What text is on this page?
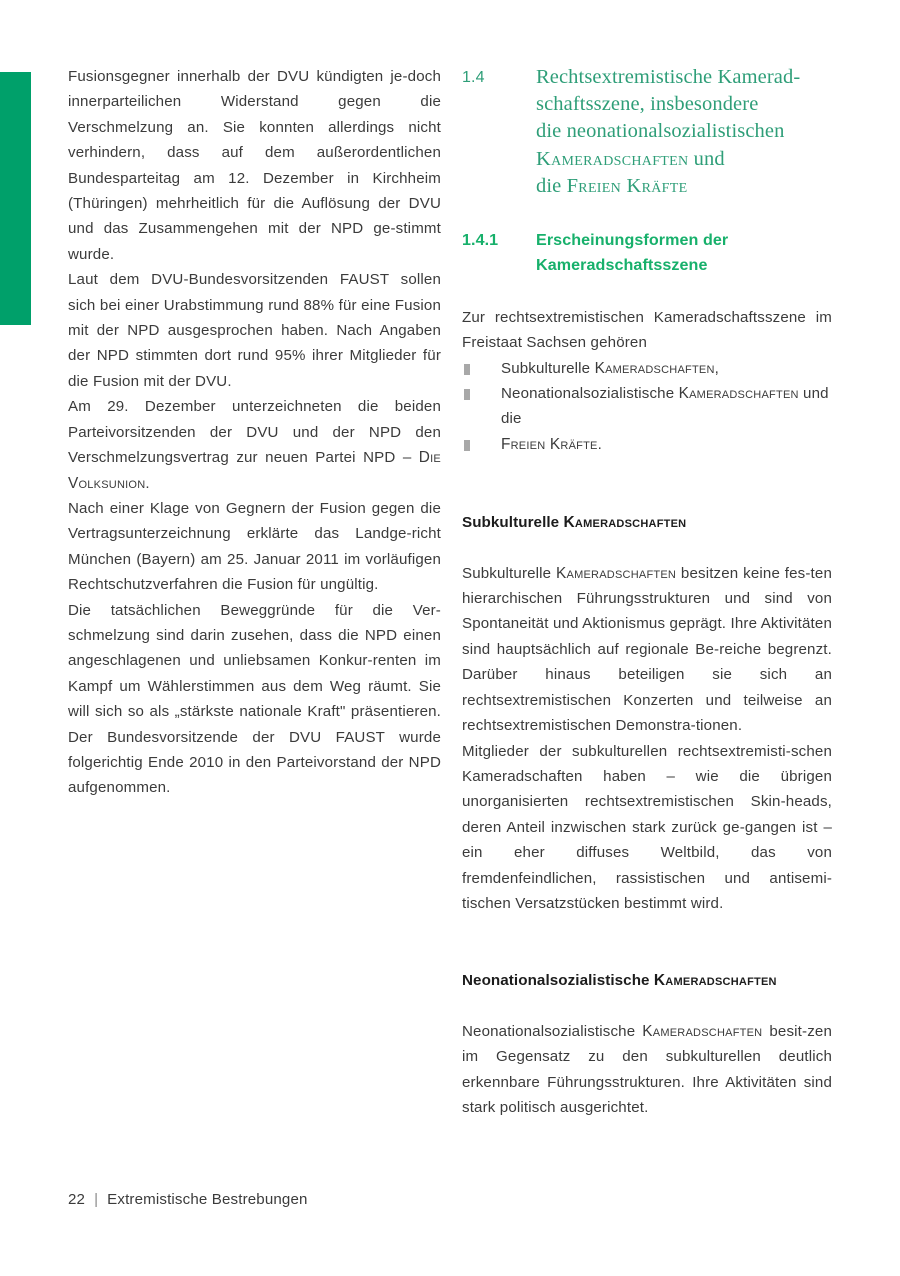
Fusionsgegner innerhalb der DVU kündigten je-doch innerparteilichen Widerstand gegen die Verschmelzung an. Sie konnten allerdings nicht verhindern, dass auf dem außerordentlichen Bundesparteitag am 12. Dezember in Kirchheim (Thüringen) mehrheitlich für die Auflösung der DVU und das Zusammengehen mit der NPD ge-stimmt wurde.

Laut dem DVU-Bundesvorsitzenden FAUST sollen sich bei einer Urabstimmung rund 88% für eine Fusion mit der NPD ausgesprochen haben. Nach Angaben der NPD stimmten dort rund 95% ihrer Mitglieder für die Fusion mit der DVU.

Am 29. Dezember unterzeichneten die beiden Parteivorsitzenden der DVU und der NPD den Verschmelzungsvertrag zur neuen Partei NPD – Die Volksunion.

Nach einer Klage von Gegnern der Fusion gegen die Vertragsunterzeichnung erklärte das Landge-richt München (Bayern) am 25. Januar 2011 im vorläufigen Rechtschutzverfahren die Fusion für ungültig.

Die tatsächlichen Beweggründe für die Ver-schmelzung sind darin zusehen, dass die NPD einen angeschlagenen und unliebsamen Konkur-renten im Kampf um Wählerstimmen aus dem Weg räumt. Sie will sich so als „stärkste nationale Kraft" präsentieren. Der Bundesvorsitzende der DVU FAUST wurde folgerichtig Ende 2010 in den Parteivorstand der NPD aufgenommen.

1.4	Rechtsextremistische Kamerad-
schaftsszene, insbesondere
die neonationalsozialistischen
Kameradschaften und
die Freien Kräfte
1.4.1	Erscheinungsformen der
Kameradschaftsszene

Zur rechtsextremistischen Kameradschaftsszene im Freistaat Sachsen gehören

Subkulturelle Kameradschaften,
Neonationalsozialistische Kameradschaften und die
Freien Kräfte.
Subkulturelle Kameradschaften

Subkulturelle Kameradschaften besitzen keine fes-ten hierarchischen Führungsstrukturen und sind von Spontaneität und Aktionismus geprägt. Ihre Aktivitäten sind hauptsächlich auf regionale Be-reiche begrenzt. Darüber hinaus beteiligen sie sich an rechtsextremistischen Konzerten und teilweise an rechtsextremistischen Demonstra-tionen.

Mitglieder der subkulturellen rechtsextremisti-schen Kameradschaften haben – wie die übrigen unorganisierten rechtsextremistischen Skin-heads, deren Anteil inzwischen stark zurück ge-gangen ist – ein eher diffuses Weltbild, das von fremdenfeindlichen, rassistischen und antisemi-tischen Versatzstücken bestimmt wird.

Neonationalsozialistische Kameradschaften

Neonationalsozialistische Kameradschaften besit-zen im Gegensatz zu den subkulturellen deutlich erkennbare Führungsstrukturen. Ihre Aktivitäten sind stark politisch ausgerichtet.

22 | Extremistische Bestrebungen
